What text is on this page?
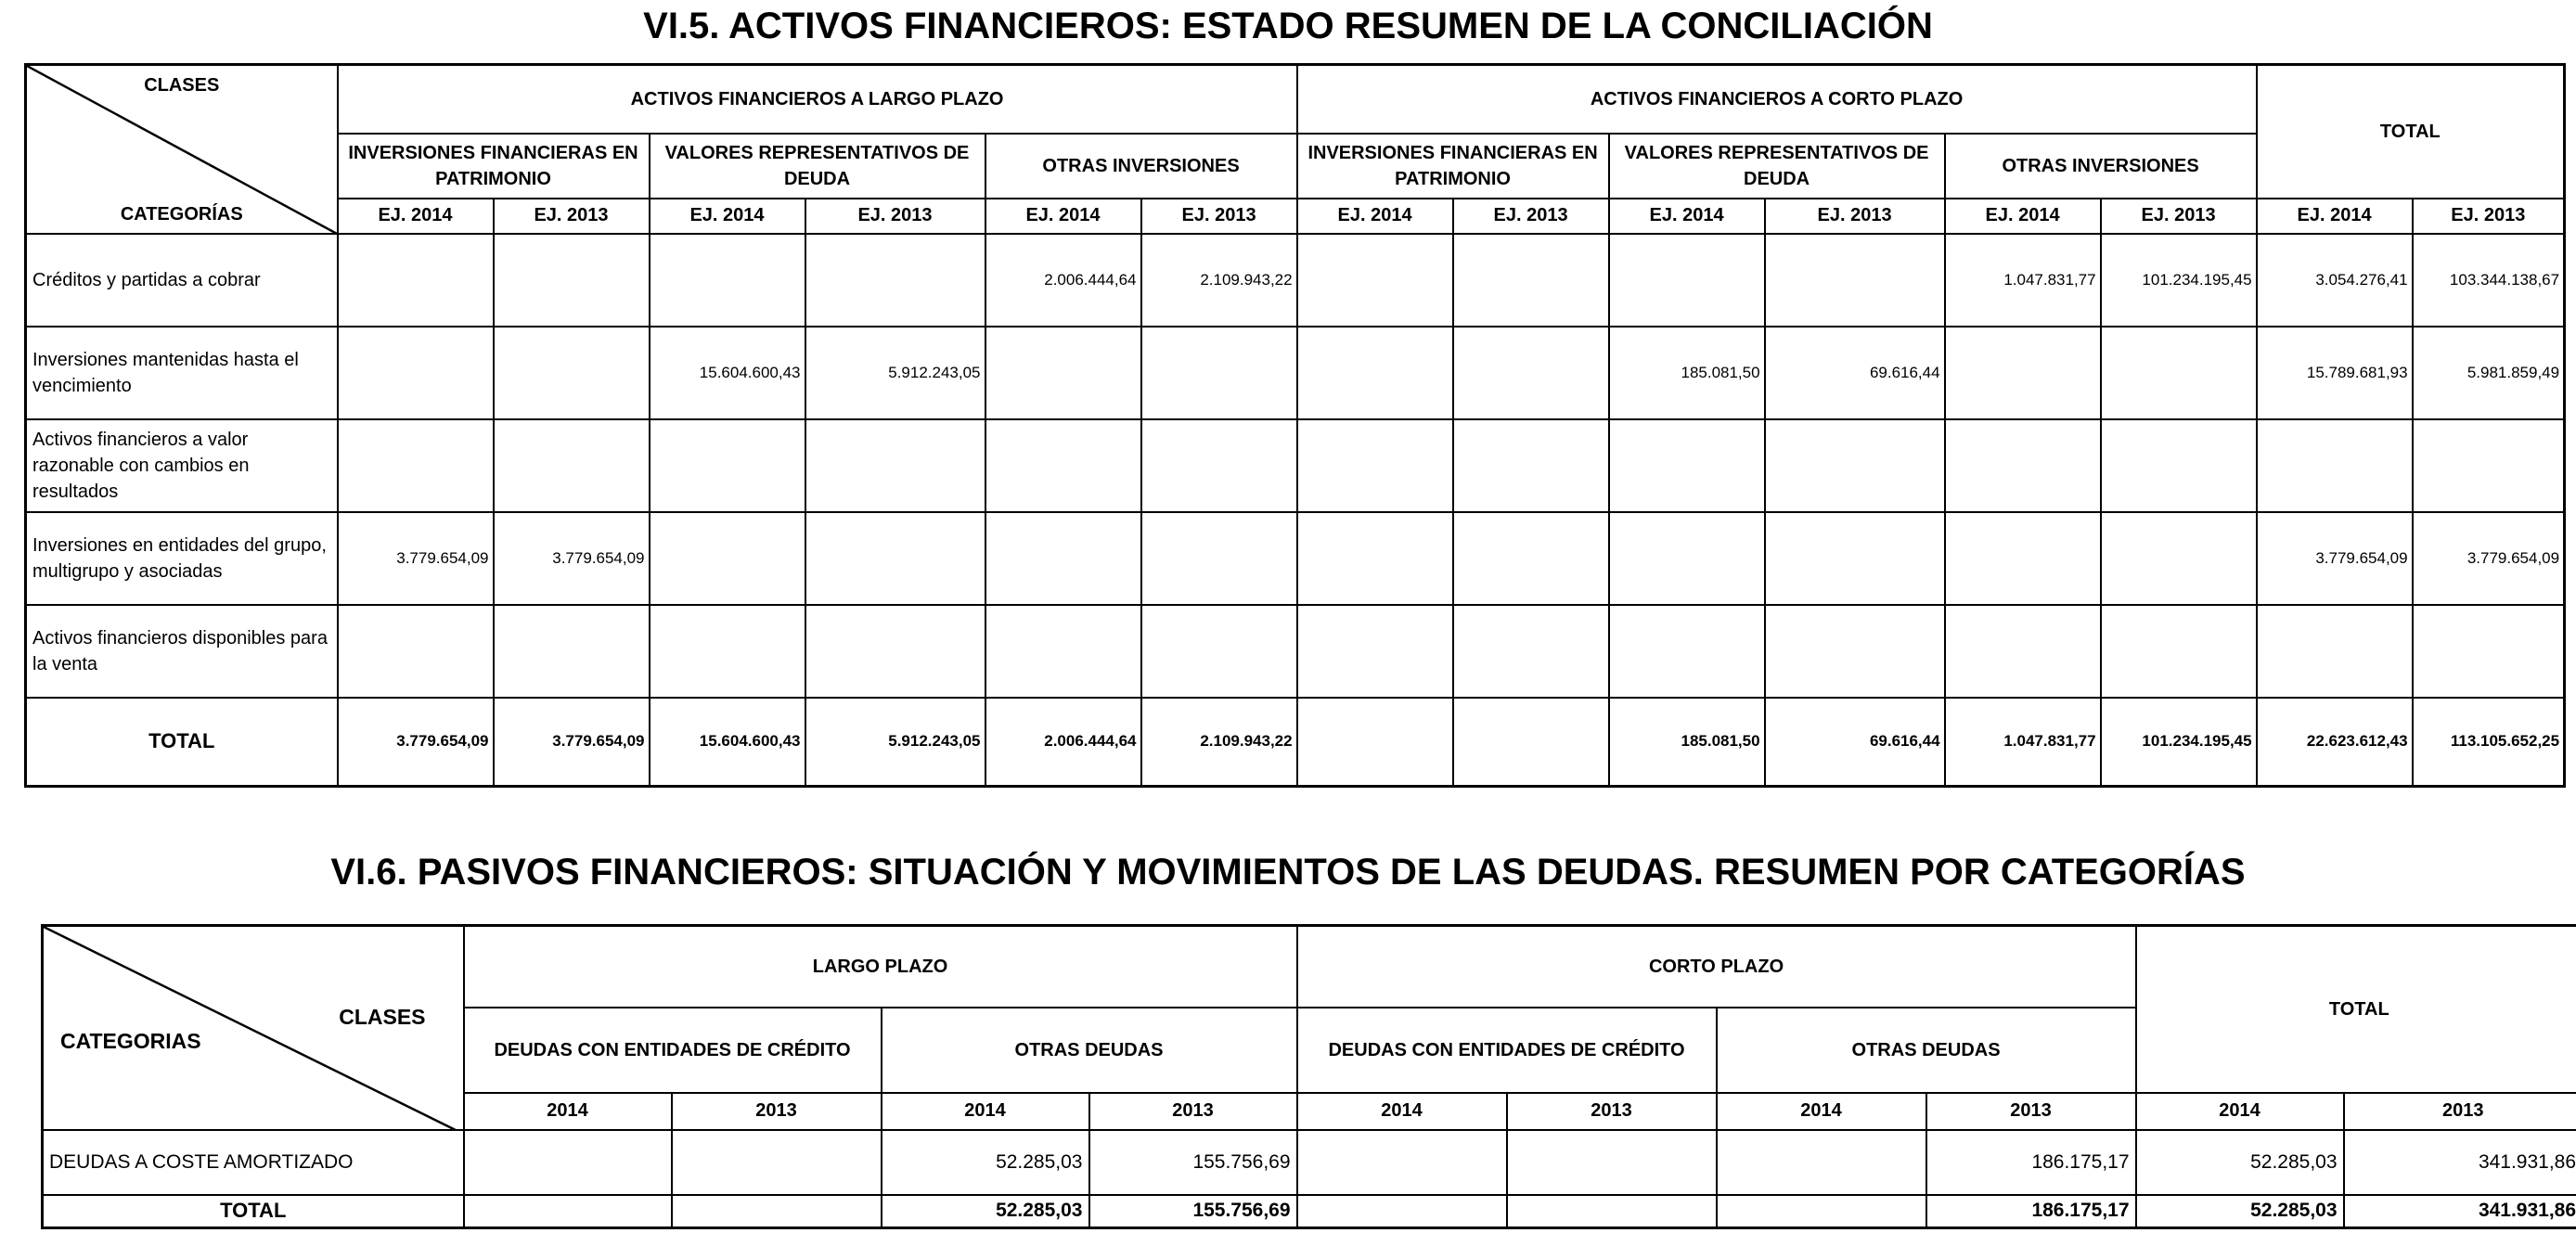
VI.5. ACTIVOS FINANCIEROS: ESTADO RESUMEN DE LA CONCILIACIÓN
CLASES
CATEGORÍAS	ACTIVOS FINANCIEROS A LARGO PLAZO						ACTIVOS FINANCIEROS A CORTO PLAZO						TOTAL	
	INVERSIONES FINANCIERAS EN PATRIMONIO		VALORES REPRESENTATIVOS DE DEUDA		OTRAS INVERSIONES		INVERSIONES FINANCIERAS EN PATRIMONIO		VALORES REPRESENTATIVOS DE DEUDA		OTRAS INVERSIONES			
	EJ. 2014	EJ. 2013	EJ. 2014	EJ. 2013	EJ. 2014	EJ. 2013	EJ. 2014	EJ. 2013	EJ. 2014	EJ. 2013	EJ. 2014	EJ. 2013	EJ. 2014	EJ. 2013
Créditos y partidas a cobrar					2.006.444,64	2.109.943,22					1.047.831,77	101.234.195,45	3.054.276,41	103.344.138,67
Inversiones mantenidas hasta el vencimiento			15.604.600,43	5.912.243,05					185.081,50	69.616,44			15.789.681,93	5.981.859,49
Activos financieros a valor razonable con cambios en resultados														
Inversiones en entidades del grupo, multigrupo y asociadas	3.779.654,09	3.779.654,09											3.779.654,09	3.779.654,09
Activos financieros disponibles para la venta														
TOTAL	3.779.654,09	3.779.654,09	15.604.600,43	5.912.243,05	2.006.444,64	2.109.943,22			185.081,50	69.616,44	1.047.831,77	101.234.195,45	22.623.612,43	113.105.652,25
VI.6. PASIVOS FINANCIEROS: SITUACIÓN Y MOVIMIENTOS DE LAS DEUDAS. RESUMEN POR CATEGORÍAS
CLASES
CATEGORIAS	LARGO PLAZO				CORTO PLAZO				TOTAL	
	DEUDAS CON ENTIDADES DE CRÉDITO		OTRAS DEUDAS		DEUDAS CON ENTIDADES DE CRÉDITO		OTRAS DEUDAS			
	2014	2013	2014	2013	2014	2013	2014	2013	2014	2013
DEUDAS A COSTE AMORTIZADO			52.285,03	155.756,69				186.175,17	52.285,03	341.931,86
TOTAL			52.285,03	155.756,69				186.175,17	52.285,03	341.931,86
